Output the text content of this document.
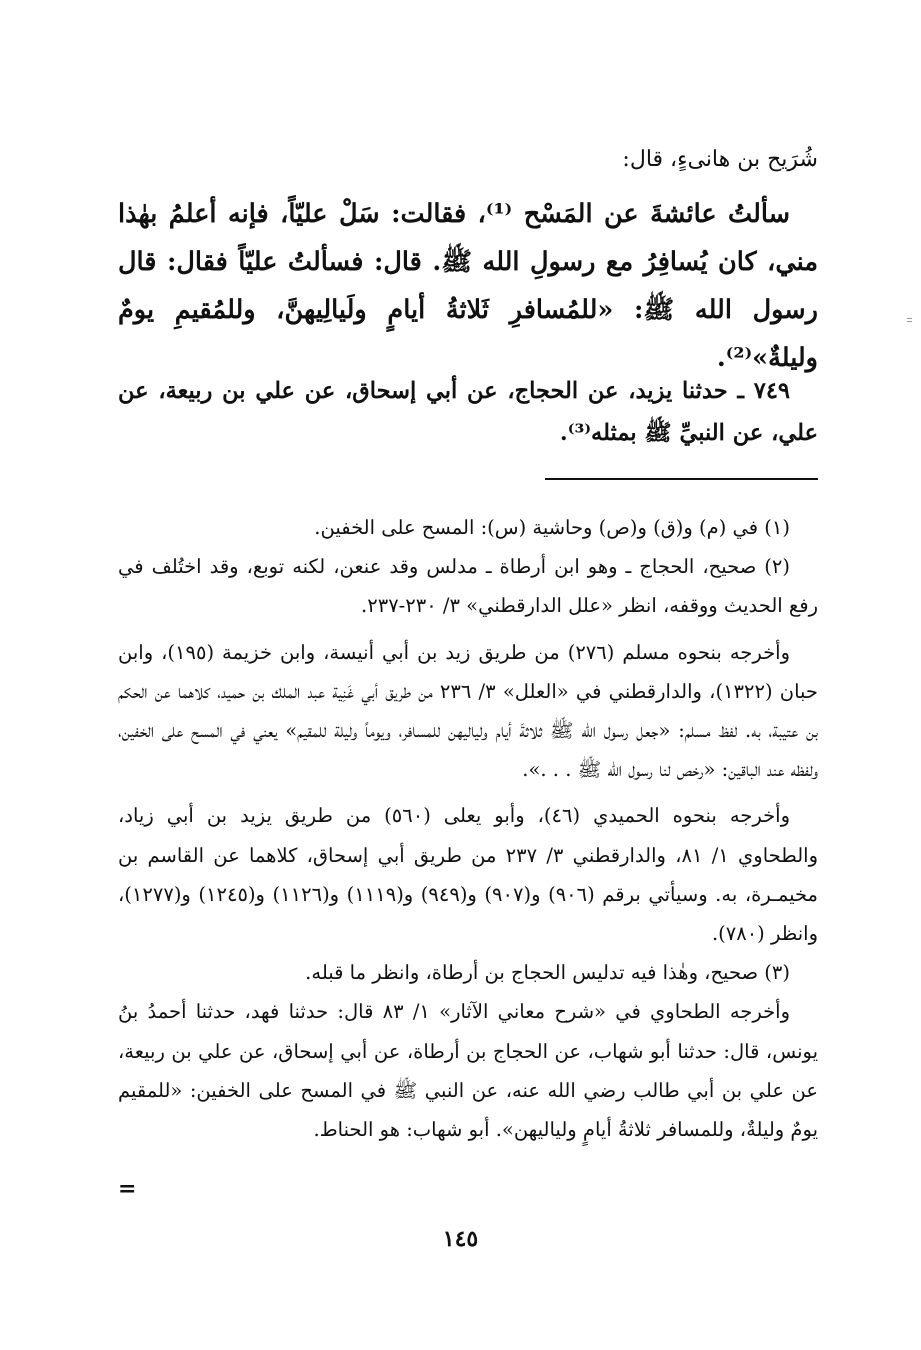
شُرَيح بن هانىءٍ، قال:

سألتُ عائشةَ عن المَسْح ⁽¹⁾، فقالت: سَلْ عليّاً، فإنه أعلمُ بهٰذا مني، كان يُسافِرُ مع رسولِ الله ﷺ. قال: فسألتُ عليّاً فقال: قال رسول الله ﷺ: «للمُسافرِ ثَلاثةُ أيامٍ ولَيالِيهنَّ، وللمُقيمِ يومٌ وليلةٌ»⁽²⁾.

٧٤٩ ـ حدثنا يزيد، عن الحجاج، عن أبي إسحاق، عن علي بن ربيعة، عن علي، عن النبيِّ ﷺ بمثله⁽³⁾.

(١) في (م) و(ق) و(ص) وحاشية (س): المسح على الخفين.

(٢) صحيح، الحجاج ـ وهو ابن أرطاة ـ مدلس وقد عنعن، لكنه توبع، وقد اختُلف في رفع الحديث ووقفه، انظر «علل الدارقطني» ٣/ ٢٣٠-٢٣٧.

وأخرجه بنحوه مسلم (٢٧٦) من طريق زيد بن أبي أنيسة، وابن خزيمة (١٩٥)، وابن حبان (١٣٢٢)، والدارقطني في «العلل» ٣/ ٢٣٦ من طريق أبي غَنِية عبد الملك بن حميد، كلاهما عن الحكم بن عتيبة، به. لفظ مسلم: «جعل رسول الله ﷺ ثلاثةَ أيام ولياليهن للمسافر، ويوماً وليلة للمقيم» يعني في المسح على الخفين، ولفظه عند الباقين: «رخص لنا رسول الله ﷺ . . .».

وأخرجه بنحوه الحميدي (٤٦)، وأبو يعلى (٥٦٠) من طريق يزيد بن أبي زياد، والطحاوي ١/ ٨١، والدارقطني ٣/ ٢٣٧ من طريق أبي إسحاق، كلاهما عن القاسم بن مخيمـرة، به. وسيأتي برقم (٩٠٦) و(٩٠٧) و(٩٤٩) و(١١١٩) و(١١٢٦) و(١٢٤٥) و(١٢٧٧)، وانظر (٧٨٠).

(٣) صحيح، وهٰذا فيه تدليس الحجاج بن أرطاة، وانظر ما قبله.

وأخرجه الطحاوي في «شرح معاني الآثار» ١/ ٨٣ قال: حدثنا فهد، حدثنا أحمدُ بنُ يونس، قال: حدثنا أبو شهاب، عن الحجاج بن أرطاة، عن أبي إسحاق، عن علي بن ربيعة، عن علي بن أبي طالب رضي الله عنه، عن النبي ﷺ في المسح على الخفين: «للمقيم يومٌ وليلةٌ، وللمسافر ثلاثةُ أيامٍ ولياليهن». أبو شهاب: هو الحناط.

=
١٤٥
